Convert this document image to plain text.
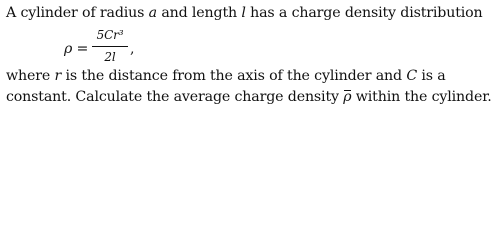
A cylinder of radius a and length l has a charge density distribution
ρ =
5Cr³
2l	,
where r is the distance from the axis of the cylinder and C is a
constant. Calculate the average charge density ρ within the cylinder.
